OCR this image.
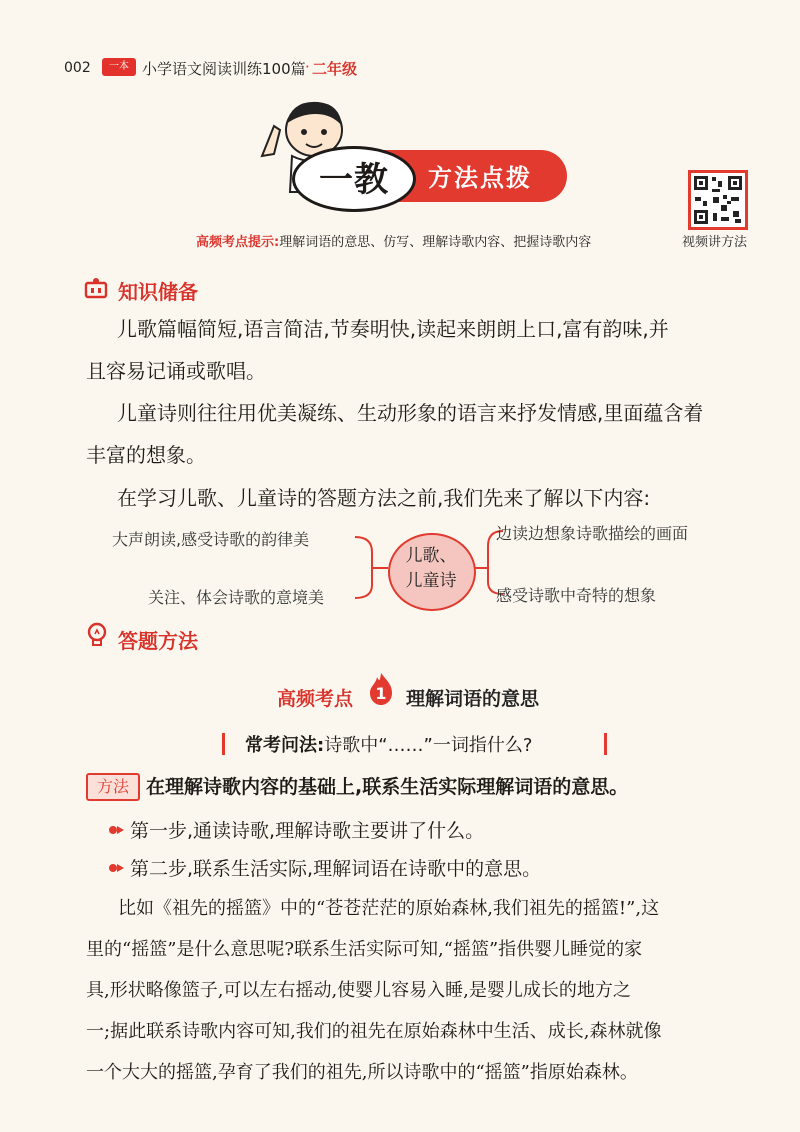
002	一本 小学语文阅读训练100篇 · 二年级
一教	方法点拨
视频讲方法
高频考点提示:理解词语的意思、仿写、理解诗歌内容、把握诗歌内容
知识储备
儿歌篇幅简短,语言简洁,节奏明快,读起来朗朗上口,富有韵味,并
且容易记诵或歌唱。
儿童诗则往往用优美凝练、生动形象的语言来抒发情感,里面蕴含着
丰富的想象。
在学习儿歌、儿童诗的答题方法之前,我们先来了解以下内容:
儿歌、
儿童诗
大声朗读,感受诗歌的韵律美
关注、体会诗歌的意境美
边读边想象诗歌描绘的画面
感受诗歌中奇特的想象
答题方法
高频考点	1	理解词语的意思
常考问法:诗歌中“……”一词指什么?
方法 在理解诗歌内容的基础上,联系生活实际理解词语的意思。
第一步,通读诗歌,理解诗歌主要讲了什么。
第二步,联系生活实际,理解词语在诗歌中的意思。
比如《祖先的摇篮》中的“苍苍茫茫的原始森林,我们祖先的摇篮!”,这
里的“摇篮”是什么意思呢?联系生活实际可知,“摇篮”指供婴儿睡觉的家
具,形状略像篮子,可以左右摇动,使婴儿容易入睡,是婴儿成长的地方之
一;据此联系诗歌内容可知,我们的祖先在原始森林中生活、成长,森林就像
一个大大的摇篮,孕育了我们的祖先,所以诗歌中的“摇篮”指原始森林。
